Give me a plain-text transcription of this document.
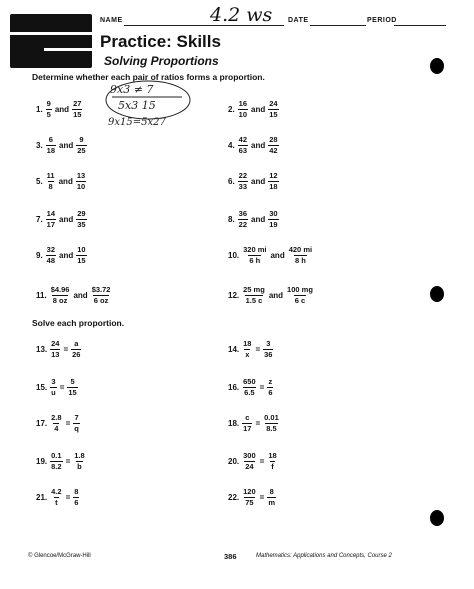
NAME	4.2 ws DATE	PERIOD
Practice: Skills
Solving Proportions
Determine whether each pair of ratios forms a proportion.
9x3 ≠ 7
5x3 15
9x15=5x27
Solve each proportion.
© Glencoe/McGraw-Hill	386	Mathematics: Applications and Concepts, Course 2
1. $\frac{9}{5}$ and $\frac{27}{15}$	2. $\frac{16}{10}$ and $\frac{24}{15}$
3. $\frac{6}{18}$ and $\frac{9}{25}$	4. $\frac{42}{63}$ and $\frac{28}{42}$
5. $\frac{11}{8}$ and $\frac{13}{10}$	6. $\frac{22}{33}$ and $\frac{12}{18}$
7. $\frac{14}{17}$ and $\frac{29}{35}$	8. $\frac{36}{22}$ and $\frac{30}{19}$
9. $\frac{32}{48}$ and $\frac{10}{15}$	10. $\frac{320 mi}{6 h}$ and $\frac{420 mi}{8 h}$
11. $\frac{\$4.96}{8 oz}$ and $\frac{\$3.72}{6 oz}$	12. $\frac{25 mg}{1.5 c}$ and $\frac{100 mg}{6 c}$
13. $\frac{24}{13} = \frac{a}{26}$	14. $\frac{18}{x} = \frac{3}{36}$
15. $\frac{3}{u} = \frac{5}{15}$	16. $\frac{650}{6.5} = \frac{z}{6}$
17. $\frac{2.8}{4} = \frac{7}{q}$	18. $\frac{c}{17} = \frac{0.01}{8.5}$
19. $\frac{0.1}{8.2} = \frac{1.8}{b}$	20. $\frac{300}{24} = \frac{18}{f}$
21. $\frac{4.2}{t} = \frac{8}{6}$	22. $\frac{120}{75} = \frac{8}{m}$
